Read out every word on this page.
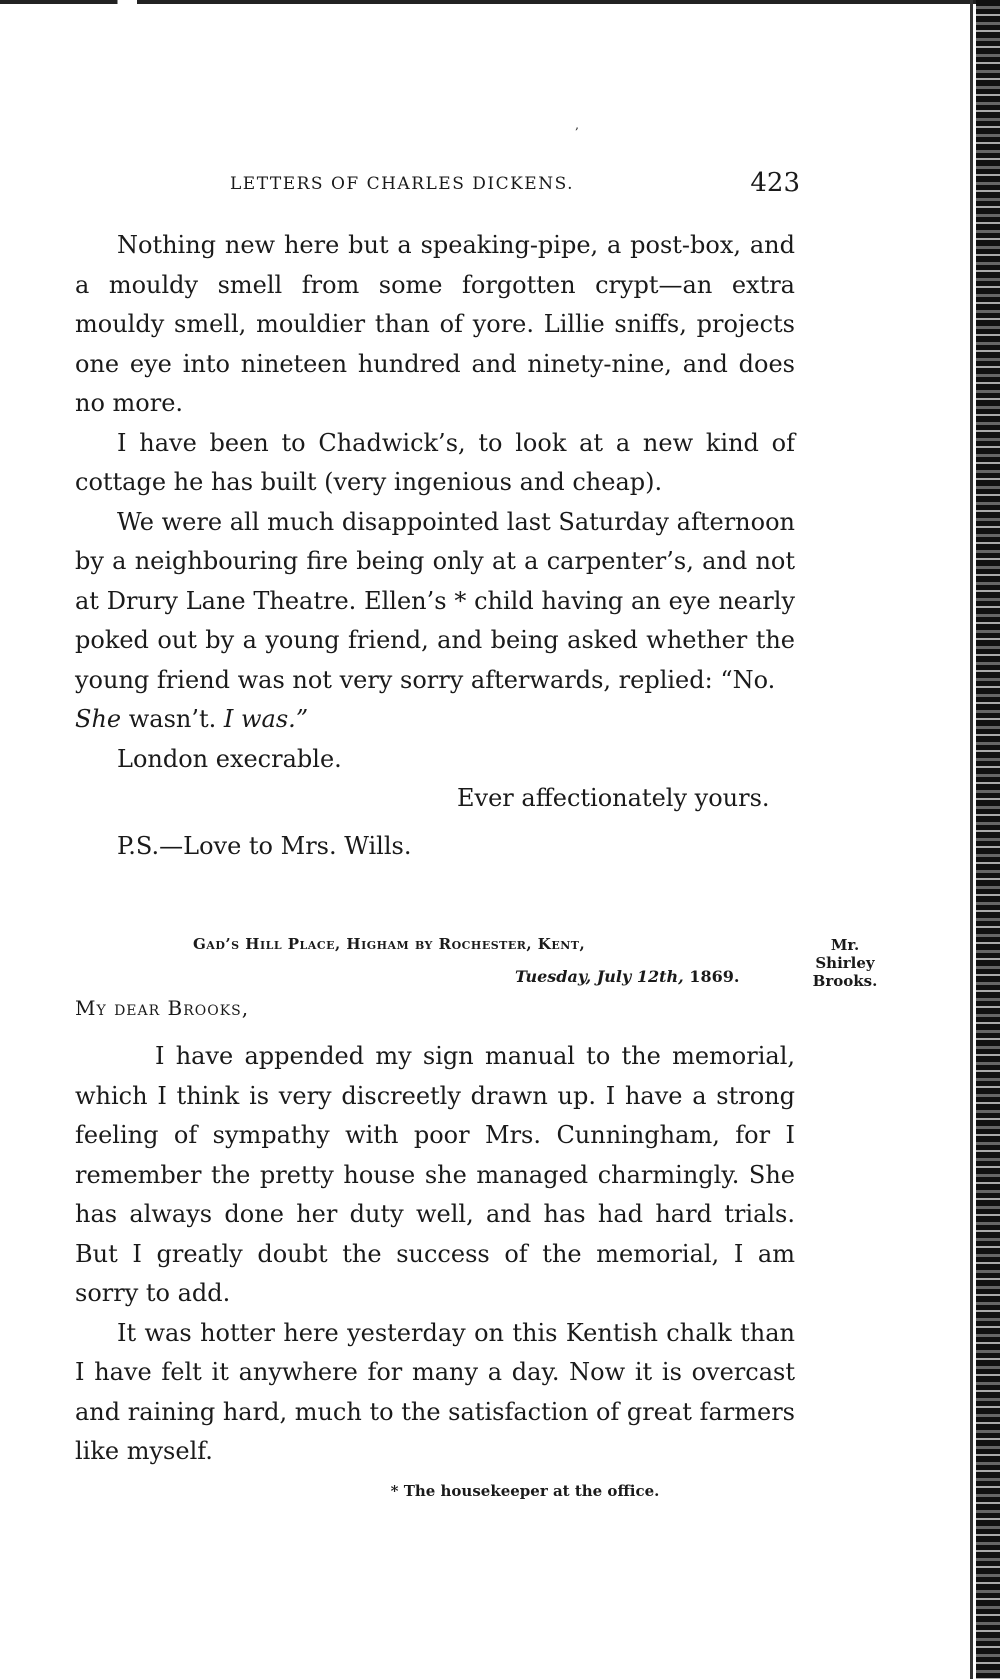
‚
LETTERS OF CHARLES DICKENS.	423

Nothing new here but a speaking-pipe, a post-box, and a mouldy smell from some forgotten crypt—an extra mouldy smell, mouldier than of yore. Lillie sniffs, projects one eye into nineteen hundred and ninety-nine, and does no more.

I have been to Chadwick’s, to look at a new kind of cottage he has built (very ingenious and cheap).

We were all much disappointed last Saturday afternoon by a neighbouring fire being only at a carpenter’s, and not at Drury Lane Theatre. Ellen’s * child having an eye nearly poked out by a young friend, and being asked whether the young friend was not very sorry afterwards, replied: “No.

She wasn’t. I was.”

London execrable.

Ever affectionately yours.

P.S.—Love to Mrs. Wills.

Gad’s Hill Place, Higham by Rochester, Kent,
Tuesday, July 12th, 1869.
Mr.
Shirley
Brooks.
My dear Brooks,

I have appended my sign manual to the memorial, which I think is very discreetly drawn up. I have a strong feeling of sympathy with poor Mrs. Cunningham, for I remember the pretty house she managed charmingly. She has always done her duty well, and has had hard trials. But I greatly doubt the success of the memorial, I am sorry to add.

It was hotter here yesterday on this Kentish chalk than I have felt it anywhere for many a day. Now it is overcast and raining hard, much to the satisfaction of great farmers like myself.

* The housekeeper at the office.
